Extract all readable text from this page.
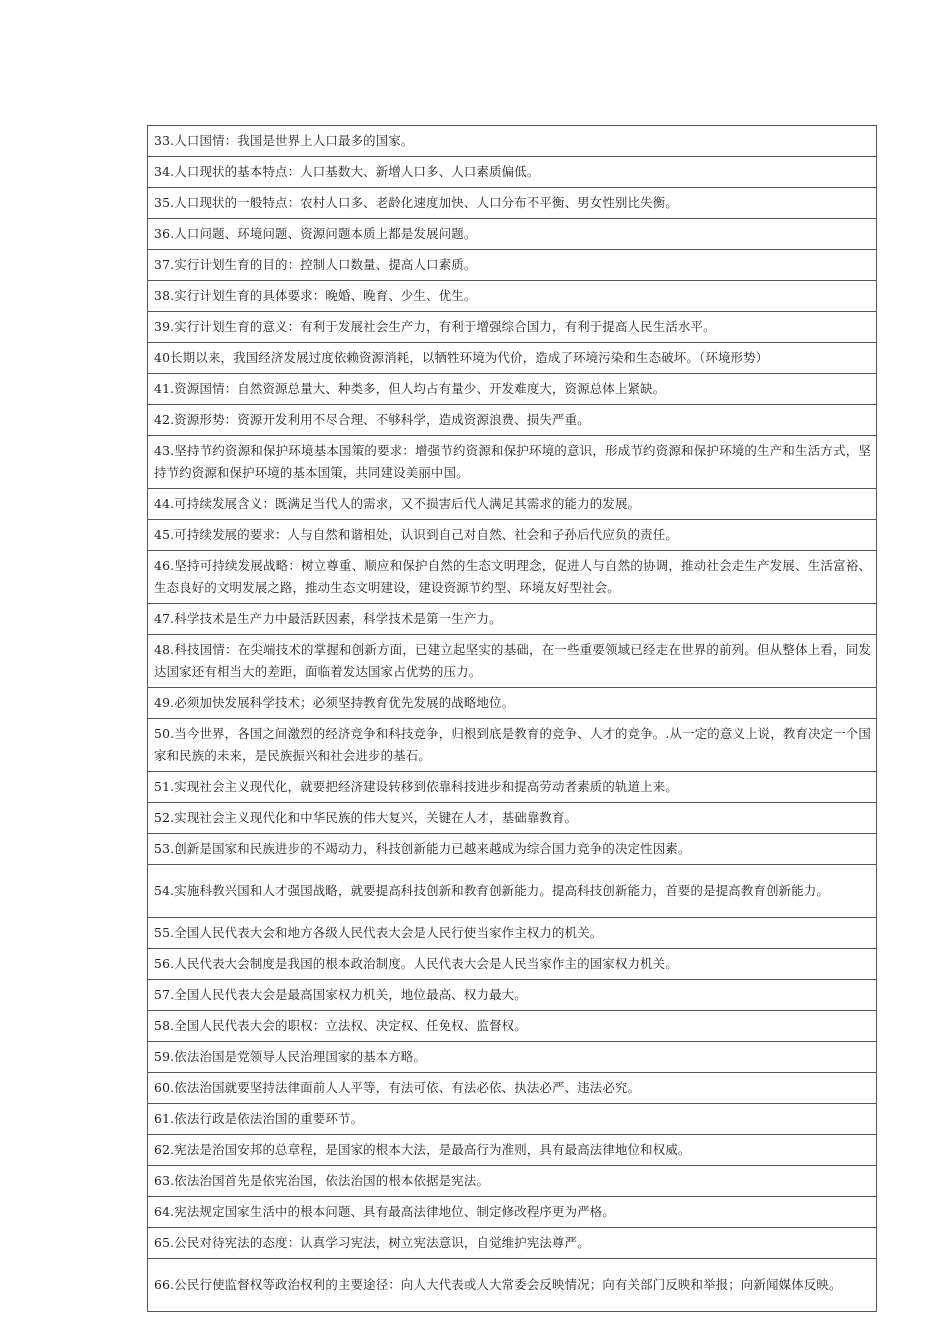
33.人口国情：我国是世界上人口最多的国家。
34.人口现状的基本特点：人口基数大、新增人口多、人口素质偏低。
35.人口现状的一般特点：农村人口多、老龄化速度加快、人口分布不平衡、男女性别比失衡。
36.人口问题、环境问题、资源问题本质上都是发展问题。
37.实行计划生育的目的：控制人口数量、提高人口素质。
38.实行计划生育的具体要求：晚婚、晚育、少生、优生。
39.实行计划生育的意义：有利于发展社会生产力，有利于增强综合国力，有利于提高人民生活水平。
40长期以来，我国经济发展过度依赖资源消耗，以牺牲环境为代价，造成了环境污染和生态破坏。（环境形势）
41.资源国情：自然资源总量大、种类多，但人均占有量少、开发难度大，资源总体上紧缺。
42.资源形势：资源开发利用不尽合理、不够科学，造成资源浪费、损失严重。
43.坚持节约资源和保护环境基本国策的要求：增强节约资源和保护环境的意识，形成节约资源和保护环境的生产和生活方式，坚持节约资源和保护环境的基本国策，共同建设美丽中国。
44.可持续发展含义：既满足当代人的需求，又不损害后代人满足其需求的能力的发展。
45.可持续发展的要求：人与自然和谐相处，认识到自己对自然、社会和子孙后代应负的责任。
46.坚持可持续发展战略：树立尊重、顺应和保护自然的生态文明理念，促进人与自然的协调，推动社会走生产发展、生活富裕、生态良好的文明发展之路，推动生态文明建设，建设资源节约型、环境友好型社会。
47.科学技术是生产力中最活跃因素，科学技术是第一生产力。
48.科技国情：在尖端技术的掌握和创新方面，已建立起坚实的基础，在一些重要领域已经走在世界的前列。但从整体上看，同发达国家还有相当大的差距，面临着发达国家占优势的压力。
49.必须加快发展科学技术；必须坚持教育优先发展的战略地位。
50.当今世界，各国之间激烈的经济竞争和科技竞争，归根到底是教育的竞争、人才的竞争。.从一定的意义上说，教育决定一个国家和民族的未来，是民族振兴和社会进步的基石。
51.实现社会主义现代化，就要把经济建设转移到依靠科技进步和提高劳动者素质的轨道上来。
52.实现社会主义现代化和中华民族的伟大复兴，关键在人才，基础靠教育。
53.创新是国家和民族进步的不竭动力，科技创新能力已越来越成为综合国力竞争的决定性因素。
54.实施科教兴国和人才强国战略，就要提高科技创新和教育创新能力。提高科技创新能力，首要的是提高教育创新能力。
55.全国人民代表大会和地方各级人民代表大会是人民行使当家作主权力的机关。
56.人民代表大会制度是我国的根本政治制度。人民代表大会是人民当家作主的国家权力机关。
57.全国人民代表大会是最高国家权力机关，地位最高、权力最大。
58.全国人民代表大会的职权：立法权、决定权、任免权、监督权。
59.依法治国是党领导人民治理国家的基本方略。
60.依法治国就要坚持法律面前人人平等，有法可依、有法必依、执法必严、违法必究。
61.依法行政是依法治国的重要环节。
62.宪法是治国安邦的总章程，是国家的根本大法，是最高行为准则，具有最高法律地位和权威。
63.依法治国首先是依宪治国，依法治国的根本依据是宪法。
64.宪法规定国家生活中的根本问题、具有最高法律地位、制定修改程序更为严格。
65.公民对待宪法的态度：认真学习宪法，树立宪法意识，自觉维护宪法尊严。
66.公民行使监督权等政治权利的主要途径：向人大代表或人大常委会反映情况；向有关部门反映和举报；向新闻媒体反映。
